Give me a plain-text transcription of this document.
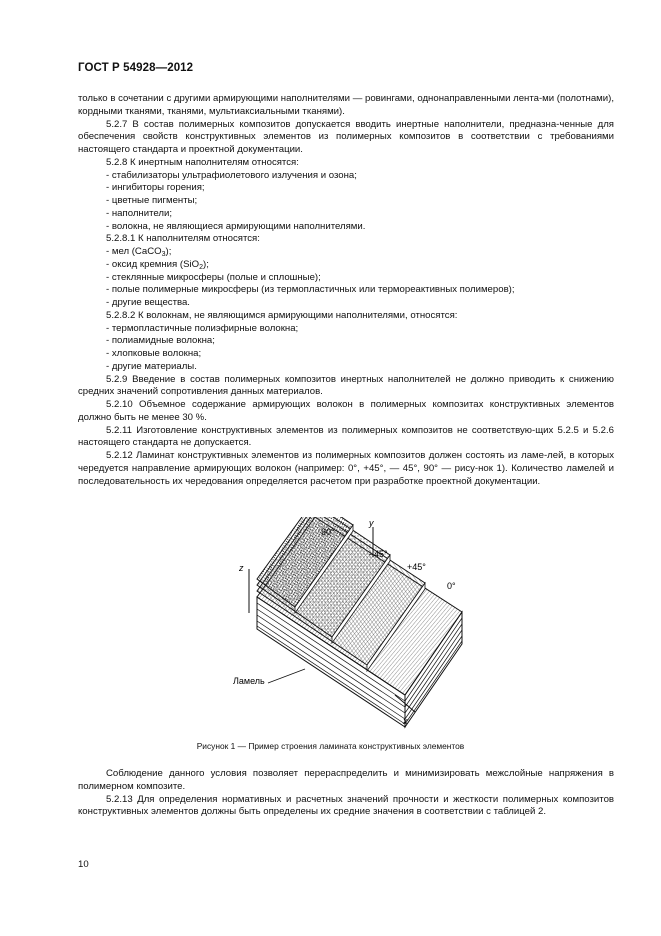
ГОСТ Р 54928—2012

только в сочетании с другими армирующими наполнителями — ровингами, однонаправленными лента-ми (полотнами), кордными тканями, тканями, мультиаксиальными тканями).

5.2.7 В состав полимерных композитов допускается вводить инертные наполнители, предназна-ченные для обеспечения свойств конструктивных элементов из полимерных композитов в соответствии с требованиями настоящего стандарта и проектной документации.

5.2.8 К инертным наполнителям относятся:

- стабилизаторы ультрафиолетового излучения и озона;

- ингибиторы горения;

- цветные пигменты;

- наполнители;

- волокна, не являющиеся армирующими наполнителями.

5.2.8.1 К наполнителям относятся:

- мел (CaCO$_3$);

- оксид кремния (SiO$_2$);

- стеклянные микросферы (полые и сплошные);

- полые полимерные микросферы (из термопластичных или термореактивных полимеров);

- другие вещества.

5.2.8.2 К волокнам, не являющимся армирующими наполнителями, относятся:

- термопластичные полиэфирные волокна;

- полиамидные волокна;

- хлопковые волокна;

- другие материалы.

5.2.9 Введение в состав полимерных композитов инертных наполнителей не должно приводить к снижению средних значений сопротивления данных материалов.

5.2.10 Объемное содержание армирующих волокон в полимерных композитах конструктивных элементов должно быть не менее 30 %.

5.2.11 Изготовление конструктивных элементов из полимерных композитов не соответствую-щих 5.2.5 и 5.2.6 настоящего стандарта не допускается.

5.2.12 Ламинат конструктивных элементов из полимерных композитов должен состоять из ламе-лей, в которых чередуется направление армирующих волокон (например: 0°, +45°, — 45°, 90° — рису-нок 1). Количество ламелей и последовательность их чередования определяется расчетом при разработке проектной документации.

90°
y
–45°
+45°
0°
z
Ламель
x
Рисунок 1 — Пример строения ламината конструктивных элементов

Соблюдение данного условия позволяет перераспределить и минимизировать межслойные напряжения в полимерном композите.

5.2.13 Для определения нормативных и расчетных значений прочности и жесткости полимерных композитов конструктивных элементов должны быть определены их средние значения в соответствии с таблицей 2.

10
